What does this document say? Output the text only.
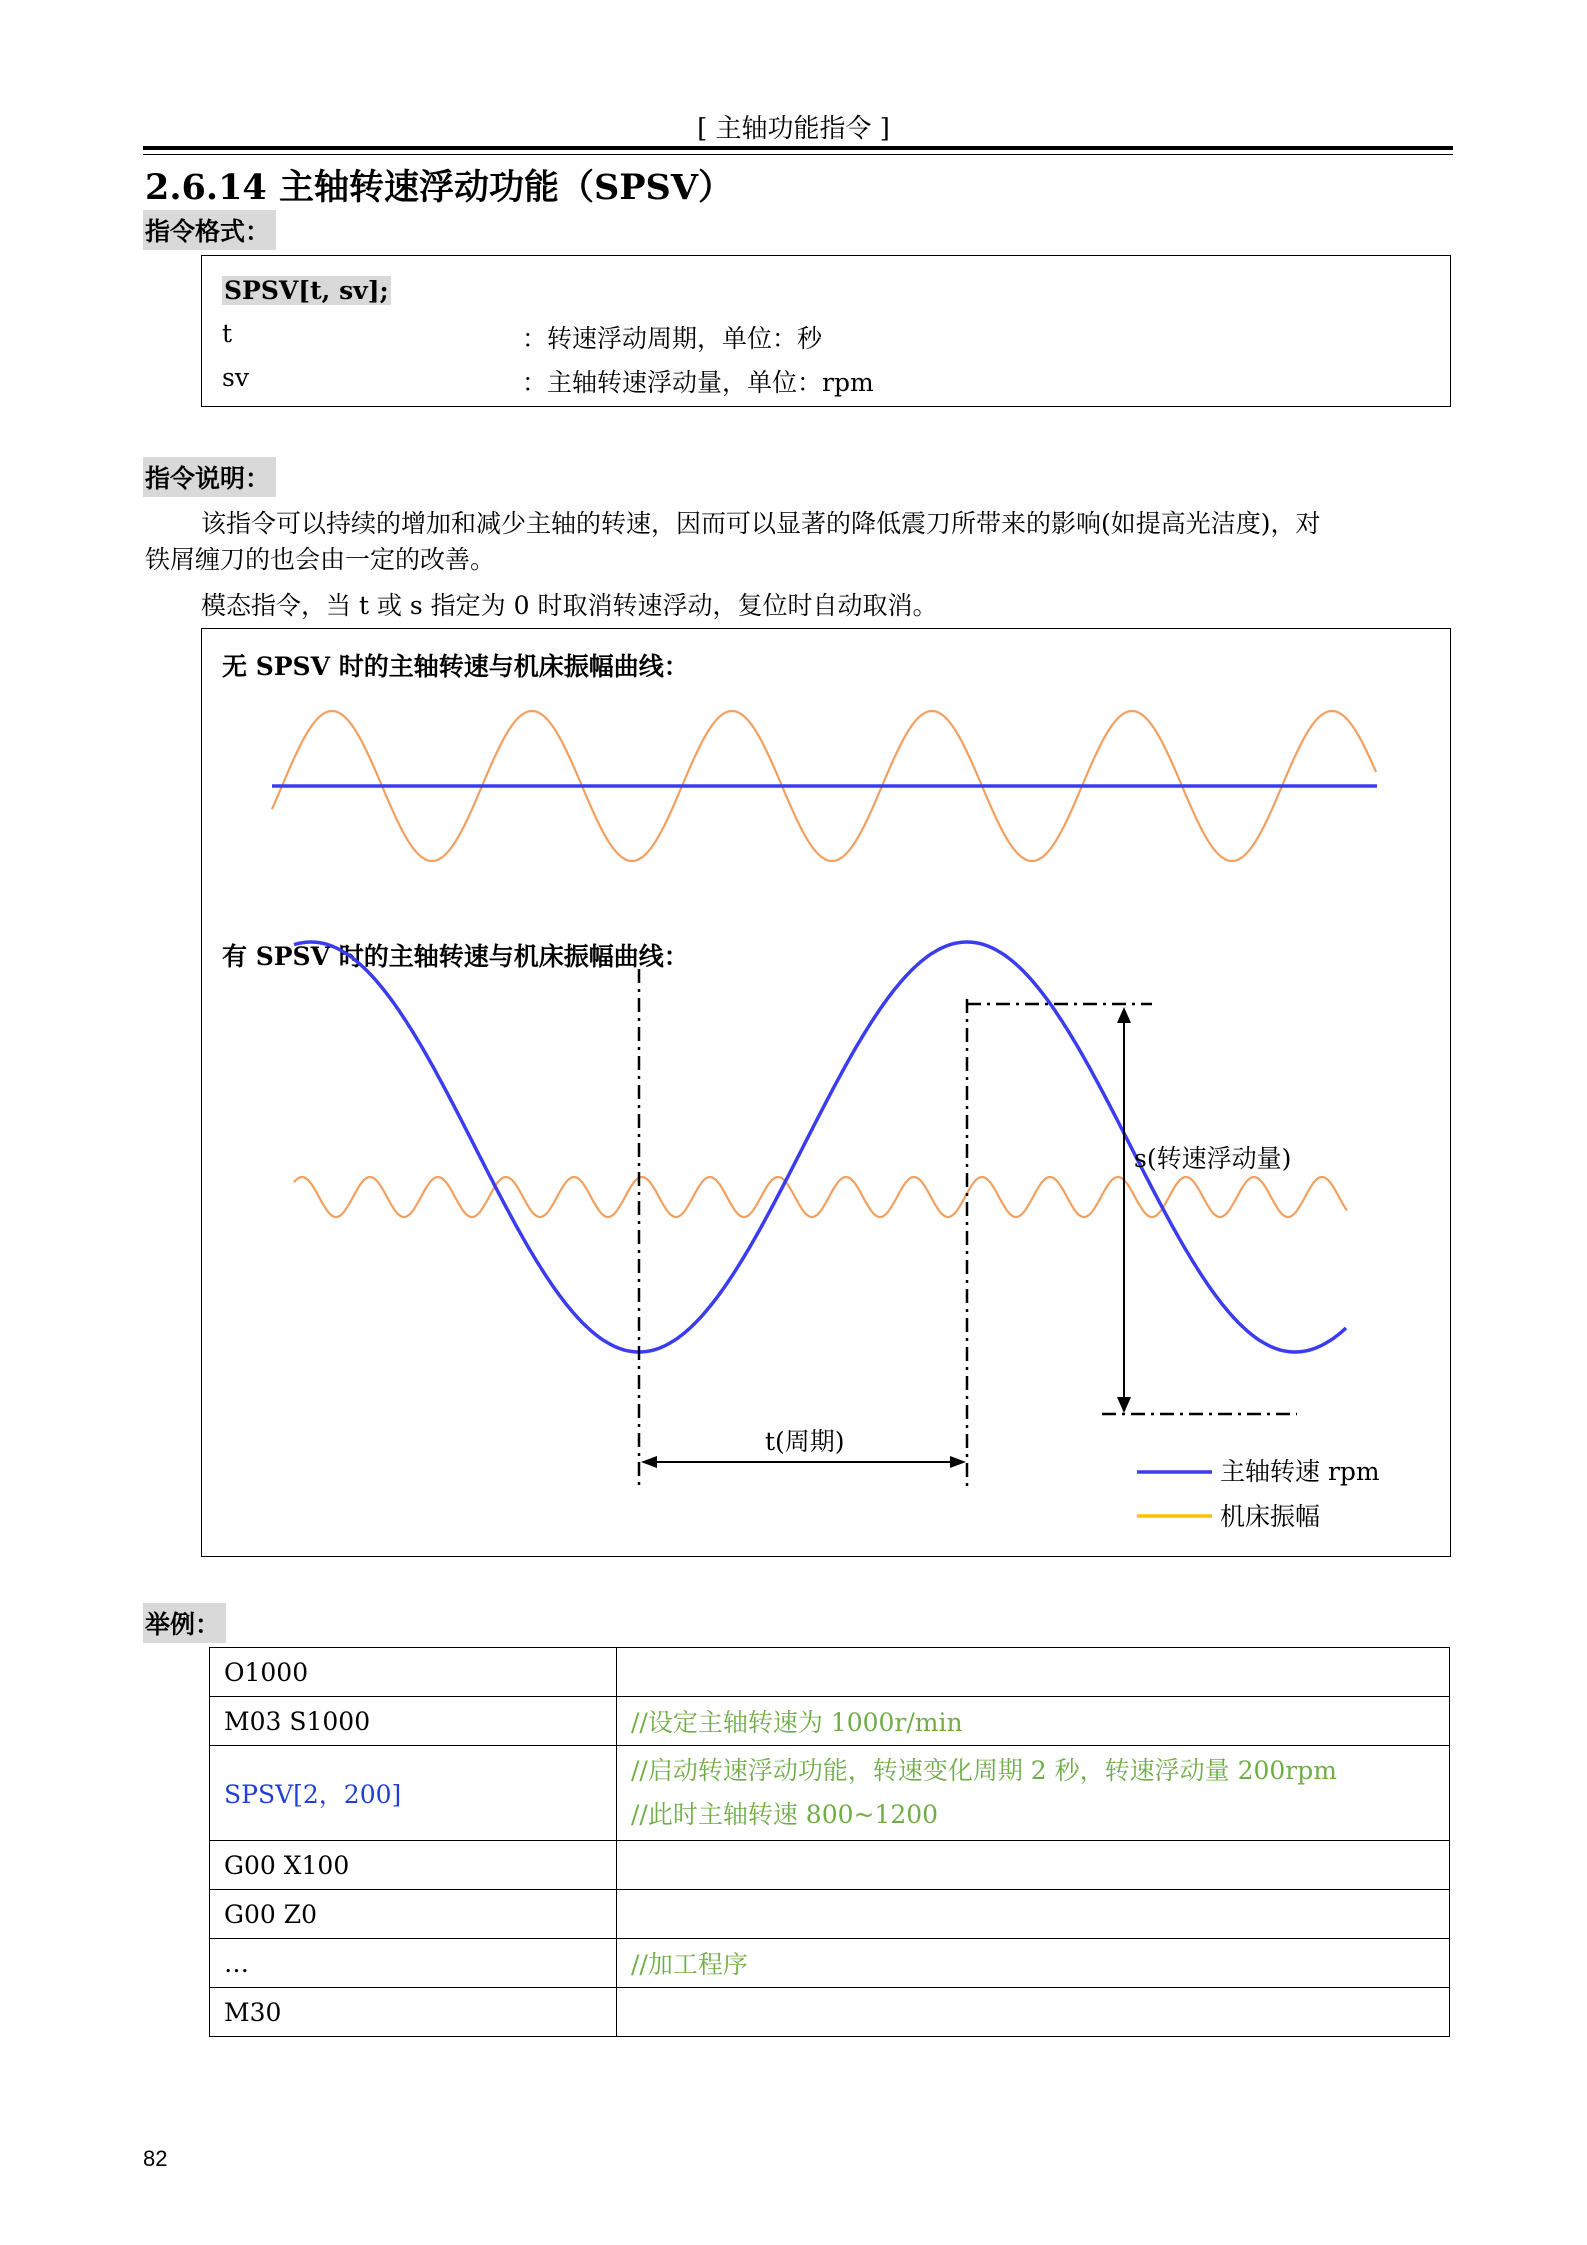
[ 主轴功能指令 ]
2.6.14 主轴转速浮动功能（SPSV）
指令格式：
SPSV[t, sv];
t	：转速浮动周期，单位：秒
sv	：主轴转速浮动量，单位：rpm
指令说明：
该指令可以持续的增加和减少主轴的转速，因而可以显著的降低震刀所带来的影响(如提高光洁度)，对
铁屑缠刀的也会由一定的改善。
模态指令，当 t 或 s 指定为 0 时取消转速浮动，复位时自动取消。
无 SPSV 时的主轴转速与机床振幅曲线：
有 SPSV 时的主轴转速与机床振幅曲线：
s(转速浮动量)
t(周期)
主轴转速 rpm
机床振幅
举例：
O1000	
M03 S1000	//设定主轴转速为 1000r/min
SPSV[2，200]	//启动转速浮动功能，转速变化周期 2 秒，转速浮动量 200rpm
//此时主轴转速 800~1200

G00 X100	
G00 Z0	
…	//加工程序
M30	
82
